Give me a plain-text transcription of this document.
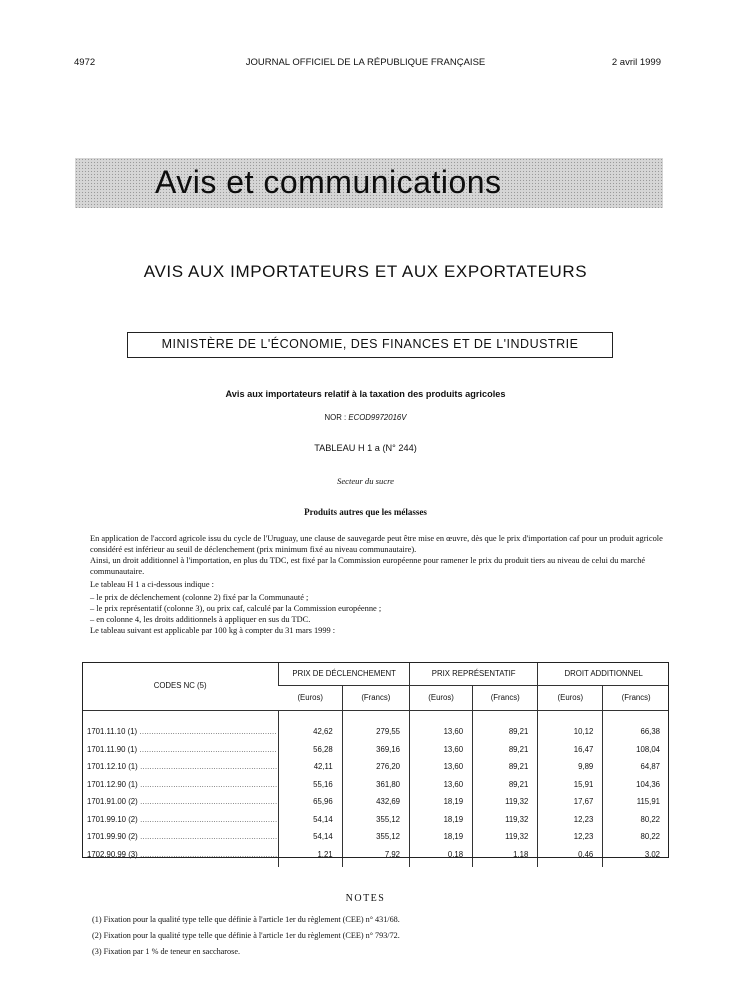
4972	JOURNAL OFFICIEL DE LA RÉPUBLIQUE FRANÇAISE	2 avril 1999
Avis et communications
AVIS AUX IMPORTATEURS ET AUX EXPORTATEURS
MINISTÈRE DE L'ÉCONOMIE, DES FINANCES ET DE L'INDUSTRIE
Avis aux importateurs relatif à la taxation des produits agricoles
NOR : ECOD9972016V
TABLEAU H 1 a (N° 244)
Secteur du sucre
Produits autres que les mélasses

En application de l'accord agricole issu du cycle de l'Uruguay, une clause de sauvegarde peut être mise en œuvre, dès que le prix d'importation caf pour un produit agricole considéré est inférieur au seuil de déclenchement (prix minimum fixé au niveau communautaire).

Ainsi, un droit additionnel à l'importation, en plus du TDC, est fixé par la Commission européenne pour ramener le prix du produit tiers au niveau de celui du marché communautaire.

Le tableau H 1 a ci-dessous indique :

– le prix de déclenchement (colonne 2) fixé par la Communauté ;

– le prix représentatif (colonne 3), ou prix caf, calculé par la Commission européenne ;

– en colonne 4, les droits additionnels à appliquer en sus du TDC.

Le tableau suivant est applicable par 100 kg à compter du 31 mars 1999 :

CODES NC (5)	PRIX DE DÉCLENCHEMENT		PRIX REPRÉSENTATIF		DROIT ADDITIONNEL	
	(Euros)	(Francs)	(Euros)	(Francs)	(Euros)	(Francs)

1701.11.10 (1) ..........................................................	42,62	279,55	13,60	89,21	10,12	66,38
1701.11.90 (1) ..........................................................	56,28	369,16	13,60	89,21	16,47	108,04
1701.12.10 (1) ..........................................................	42,11	276,20	13,60	89,21	9,89	64,87
1701.12.90 (1) ..........................................................	55,16	361,80	13,60	89,21	15,91	104,36
1701.91.00 (2) ..........................................................	65,96	432,69	18,19	119,32	17,67	115,91
1701.99.10 (2) ..........................................................	54,14	355,12	18,19	119,32	12,23	80,22
1701.99.90 (2) ..........................................................	54,14	355,12	18,19	119,32	12,23	80,22
1702.90.99 (3) ..........................................................	1,21	7,92	0,18	1,18	0,46	3,02

NOTES

(1) Fixation pour la qualité type telle que définie à l'article 1er du règlement (CEE) n° 431/68.

(2) Fixation pour la qualité type telle que définie à l'article 1er du règlement (CEE) n° 793/72.

(3) Fixation par 1 % de teneur en saccharose.
